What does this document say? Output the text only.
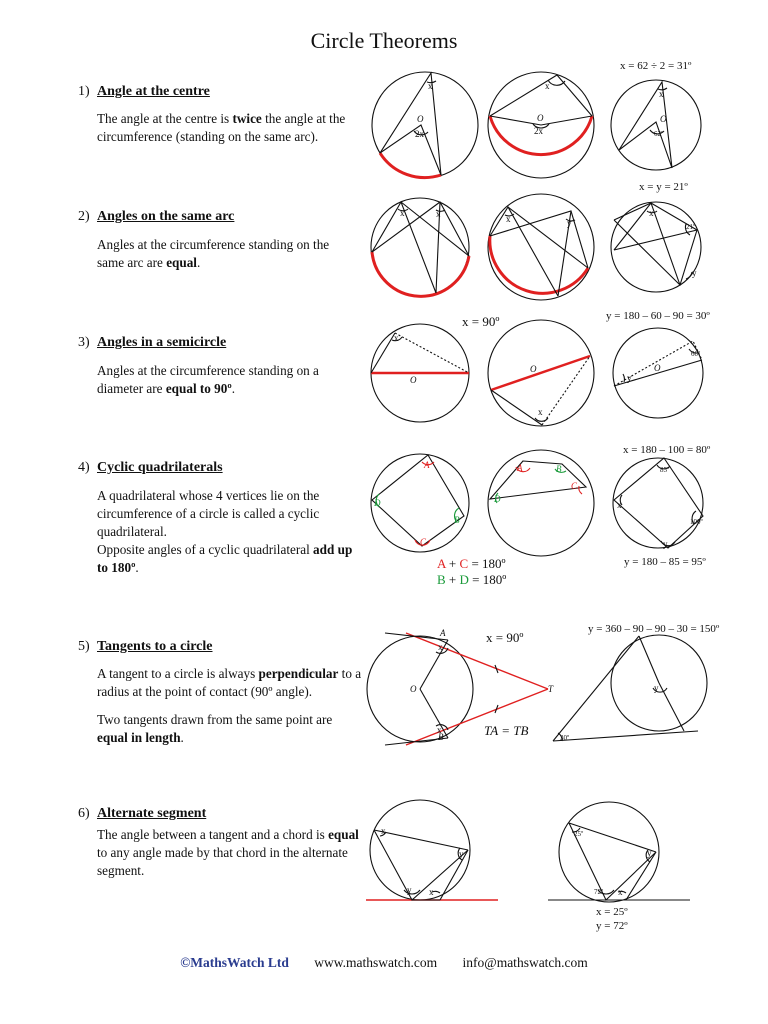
Circle Theorems
1) Angle at the centre

The angle at the centre is twice the angle at the circumference (standing on the same arc).

x = 62 ÷ 2 = 31º
2) Angles on the same arc

Angles at the circumference standing on the same arc are equal.

x = y = 21º
3) Angles in a semicircle

Angles at the circumference standing on a diameter are equal to 90º.

x = 90º	y = 180 – 60 – 90 = 30º
4) Cyclic quadrilaterals

A quadrilateral whose 4 vertices lie on the circumference of a circle is called a cyclic quadrilateral.

Opposite angles of a cyclic quadrilateral add up to 180º.

x = 180 – 100 = 80º
y = 180 – 85 = 95º
A + C = 180º
B + D = 180º
5) Tangents to a circle

A tangent to a circle is always perpendicular to a radius at the point of contact (90º angle).

Two tangents drawn from the same point are equal in length.

x = 90º
y = 360 – 90 – 90 – 30 = 150º
TA = TB
6) Alternate segment

The angle between a tangent and a chord is equal to any angle made by that chord in the alternate segment.

x = 25º
y = 72º
©MathsWatch Ltd www.mathswatch.com info@mathswatch.com
x
O
2x
x
O
2x
x
O
62º
x	x	x	y
x
21º
y
x
O
O
x
O
y
60º
A
B
C
D
A	B
C
D
85º
100º
y
x
A
x
O
x
B
T	y
30º
x
y
y x
25º
y
72º x
